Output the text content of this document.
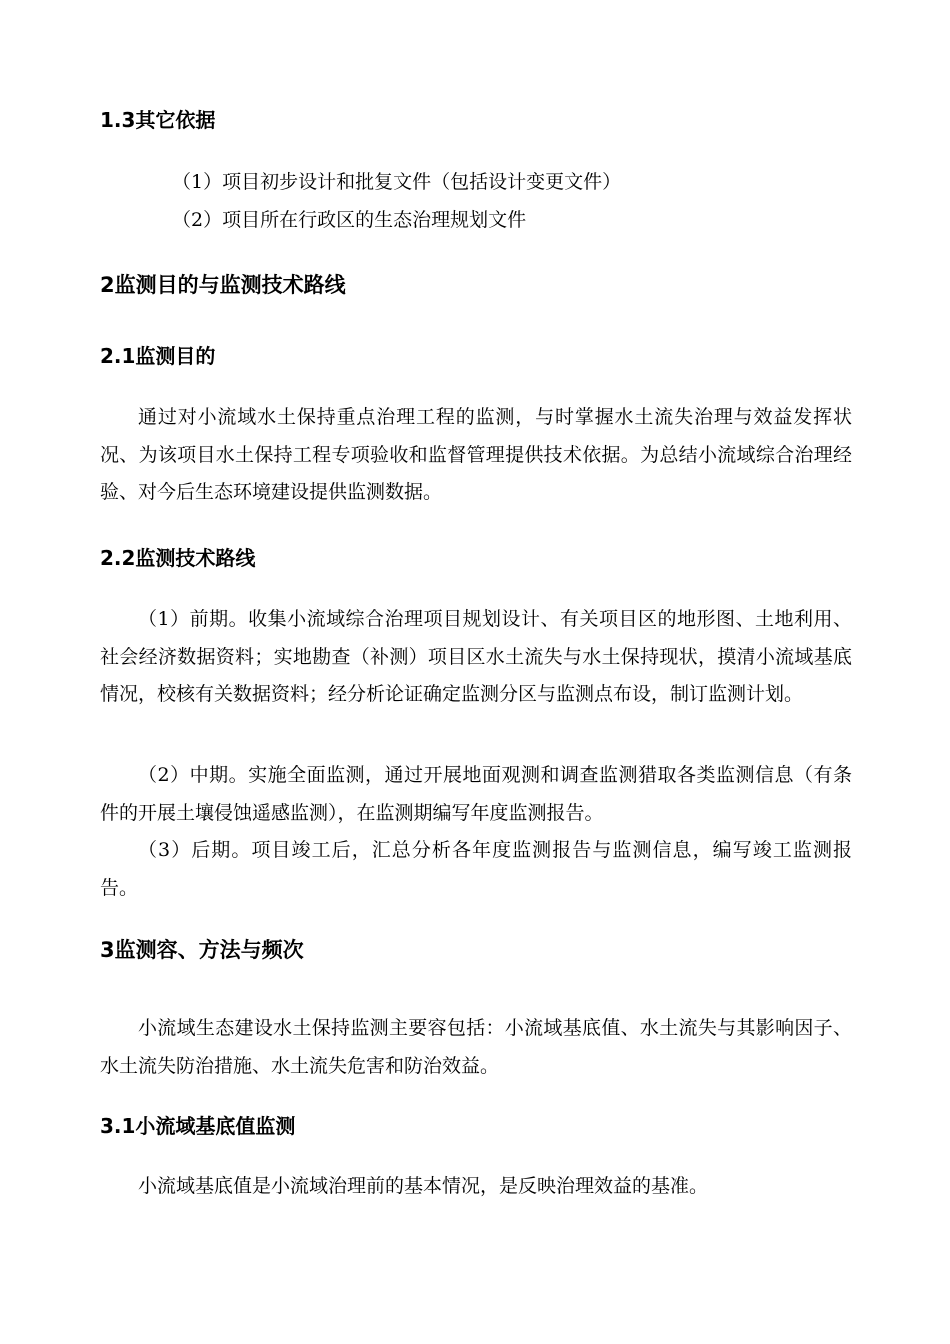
1.3其它依据

（1）项目初步设计和批复文件（包括设计变更文件）

（2）项目所在行政区的生态治理规划文件

2监测目的与监测技术路线
2.1监测目的

通过对小流域水土保持重点治理工程的监测，与时掌握水土流失治理与效益发挥状况、为该项目水土保持工程专项验收和监督管理提供技术依据。为总结小流域综合治理经验、对今后生态环境建设提供监测数据。

2.2监测技术路线

（1）前期。收集小流域综合治理项目规划设计、有关项目区的地形图、土地利用、社会经济数据资料；实地勘查（补测）项目区水土流失与水土保持现状，摸清小流域基底情况，校核有关数据资料；经分析论证确定监测分区与监测点布设，制订监测计划。

（2）中期。实施全面监测，通过开展地面观测和调查监测猎取各类监测信息（有条件的开展土壤侵蚀遥感监测），在监测期编写年度监测报告。

（3）后期。项目竣工后，汇总分析各年度监测报告与监测信息，编写竣工监测报告。

3监测容、方法与频次

小流域生态建设水土保持监测主要容包括：小流域基底值、水土流失与其影响因子、水土流失防治措施、水土流失危害和防治效益。

3.1小流域基底值监测

小流域基底值是小流域治理前的基本情况，是反映治理效益的基准。
